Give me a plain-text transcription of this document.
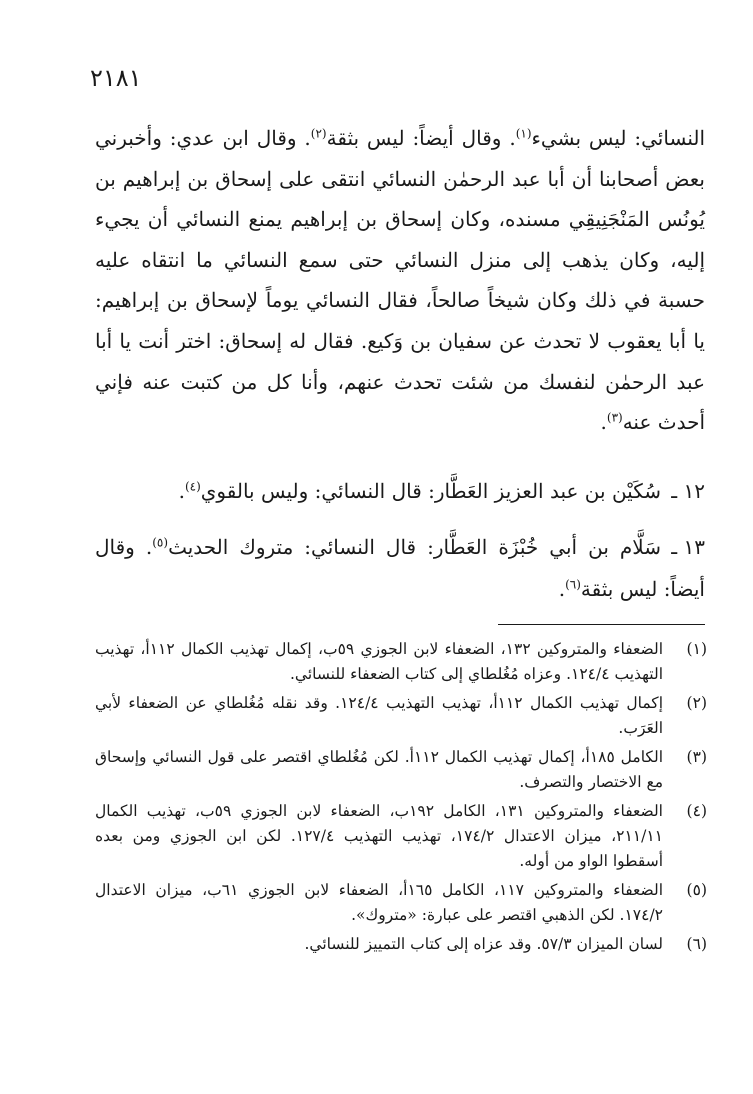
٢١٨١

النسائي: ليس بشيء$^{(١)}$. وقال أيضاً: ليس بثقة$^{(٢)}$. وقال ابن عدي: وأخبرني بعض أصحابنا أن أبا عبد الرحمٰن النسائي انتقى على إسحاق بن إبراهيم بن يُونُس المَنْجَنِيقِي مسنده، وكان إسحاق بن إبراهيم يمنع النسائي أن يجيء إليه، وكان يذهب إلى منزل النسائي حتى سمع النسائي ما انتقاه عليه حسبة في ذلك وكان شيخاً صالحاً، فقال النسائي يوماً لإسحاق بن إبراهيم: يا أبا يعقوب لا تحدث عن سفيان بن وَكيع. فقال له إسحاق: اختر أنت يا أبا عبد الرحمٰن لنفسك من شئت تحدث عنهم، وأنا كل من كتبت عنه فإني أحدث عنه$^{(٣)}$.

١٢ ـسُكَيْن بن عبد العزيز العَطَّار: قال النسائي: وليس بالقوي$^{(٤)}$.
١٣ ـسَلَّام بن أبي خُبْزَة العَطَّار: قال النسائي: متروك الحديث$^{(٥)}$. وقال أيضاً: ليس بثقة$^{(٦)}$.
(١)
الضعفاء والمتروكين ١٣٢، الضعفاء لابن الجوزي ٥٩ب، إكمال تهذيب الكمال ١١٢أ، تهذيب التهذيب ١٢٤/٤. وعزاه مُغُلطاي إلى كتاب الضعفاء للنسائي.
(٢)
إكمال تهذيب الكمال ١١٢أ، تهذيب التهذيب ١٢٤/٤. وقد نقله مُغُلطاي عن الضعفاء لأبي العَرَب.
(٣)
الكامل ١٨٥أ، إكمال تهذيب الكمال ١١٢أ. لكن مُغُلطاي اقتصر على قول النسائي وإسحاق مع الاختصار والتصرف.
(٤)
الضعفاء والمتروكين ١٣١، الكامل ١٩٢ب، الضعفاء لابن الجوزي ٥٩ب، تهذيب الكمال ٢١١/١١، ميزان الاعتدال ١٧٤/٢، تهذيب التهذيب ١٢٧/٤. لكن ابن الجوزي ومن بعده أسقطوا الواو من أوله.
(٥)
الضعفاء والمتروكين ١١٧، الكامل ١٦٥أ، الضعفاء لابن الجوزي ٦١ب، ميزان الاعتدال ١٧٤/٢. لكن الذهبي اقتصر على عبارة: «متروك».
(٦)
لسان الميزان ٥٧/٣. وقد عزاه إلى كتاب التمييز للنسائي.
